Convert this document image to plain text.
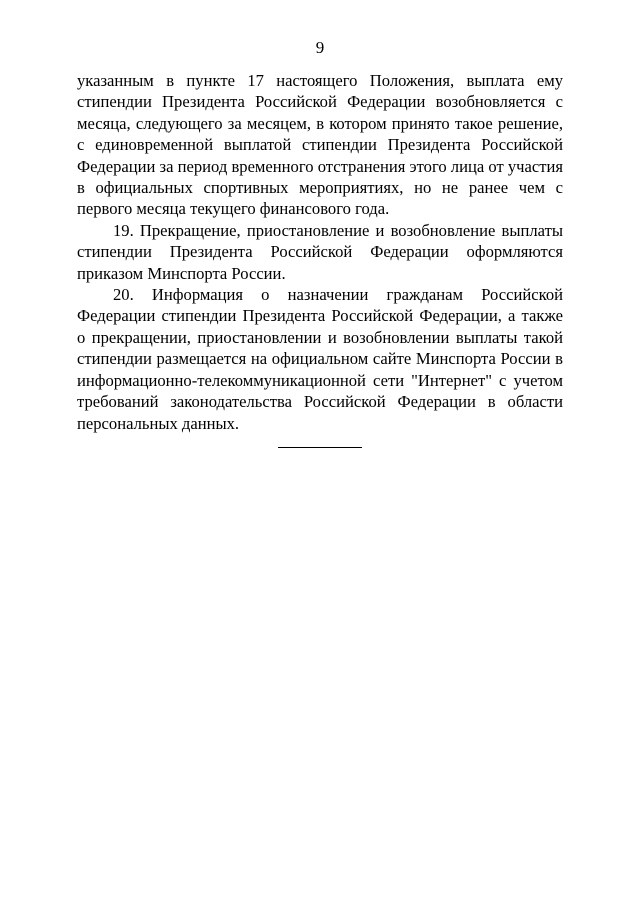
9

указанным в пункте 17 настоящего Положения, выплата ему стипендии Президента Российской Федерации возобновляется с месяца, следующего за месяцем, в котором принято такое решение, с единовременной выплатой стипендии Президента Российской Федерации за период временного отстранения этого лица от участия в официальных спортивных мероприятиях, но не ранее чем с первого месяца текущего финансового года.

19. Прекращение, приостановление и возобновление выплаты стипендии Президента Российской Федерации оформляются приказом Минспорта России.

20. Информация о назначении гражданам Российской Федерации стипендии Президента Российской Федерации, а также о прекращении, приостановлении и возобновлении выплаты такой стипендии размещается на официальном сайте Минспорта России в информационно-телекоммуникационной сети "Интернет" с учетом требований законодательства Российской Федерации в области персональных данных.
